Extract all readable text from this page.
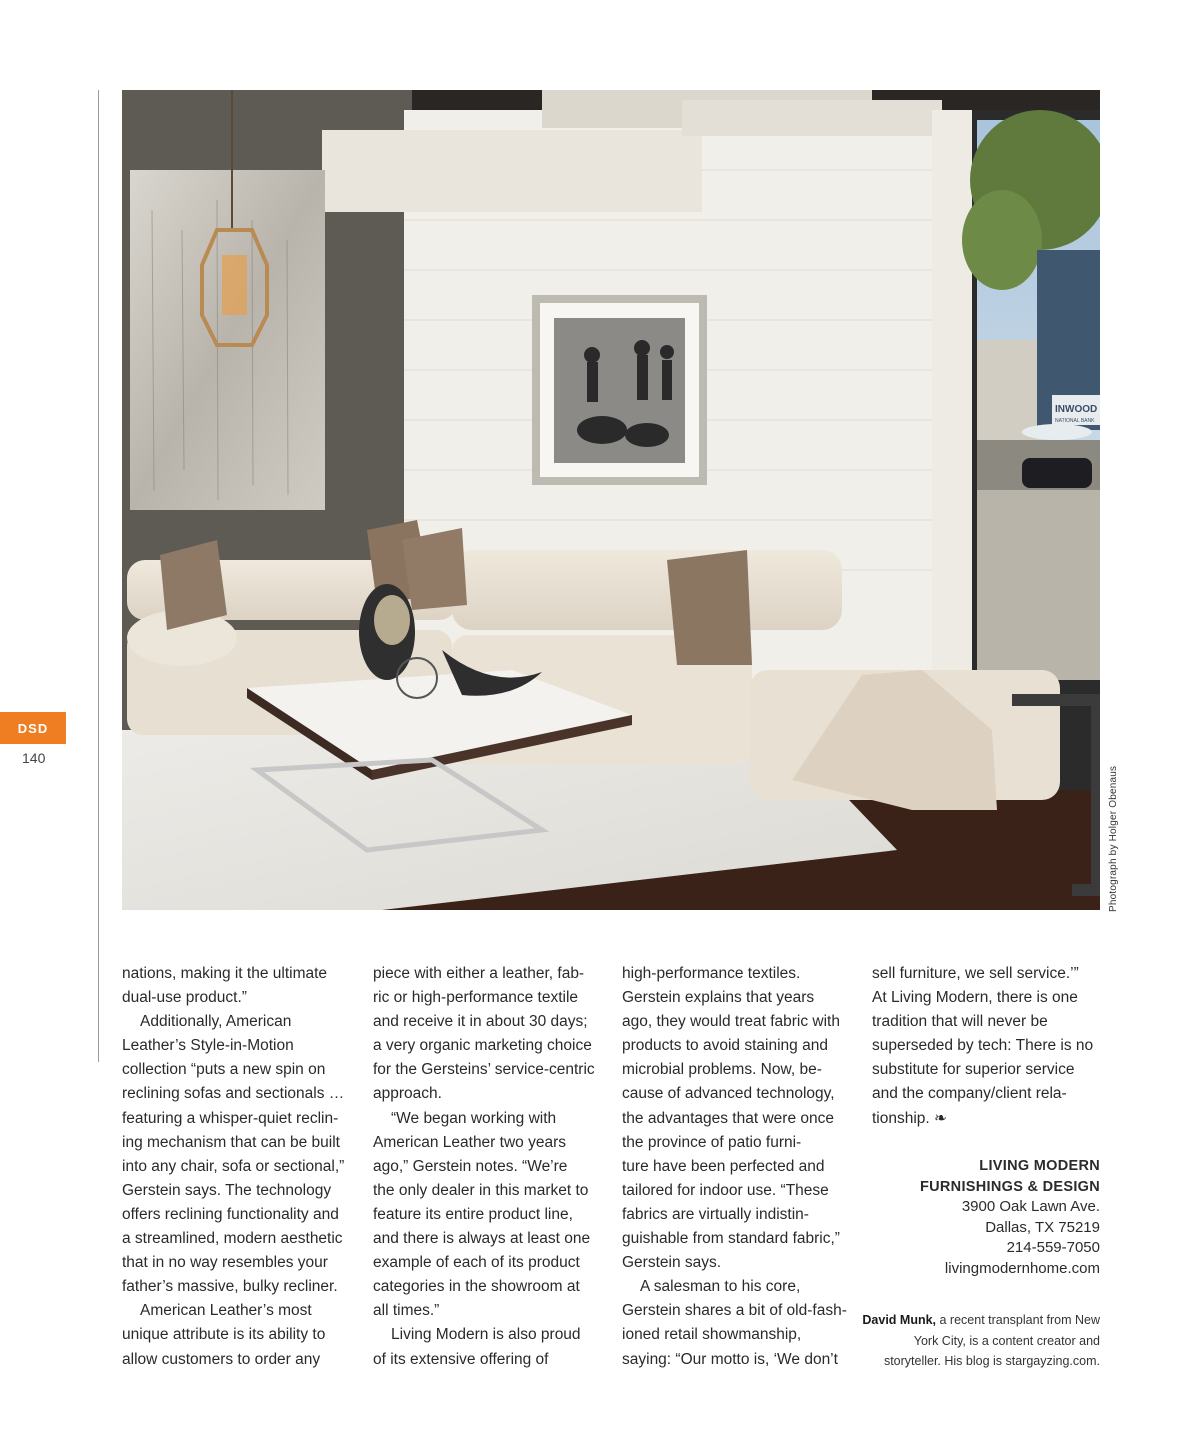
DSD
140
INWOOD
NATIONAL BANK
Photograph by Holger Obenaus

nations, making it the ultimate
dual-use product.”

Additionally, American
Leather’s Style-in-Motion
collection “puts a new spin on
reclining sofas and sectionals …
featuring a whisper-quiet reclin-
ing mechanism that can be built
into any chair, sofa or sectional,”
Gerstein says. The technology
offers reclining functionality and
a streamlined, modern aesthetic
that in no way resembles your
father’s massive, bulky recliner.

American Leather’s most
unique attribute is its ability to
allow customers to order any

piece with either a leather, fab-
ric or high-performance textile
and receive it in about 30 days;
a very organic marketing choice
for the Gersteins’ service-centric
approach.

“We began working with
American Leather two years
ago,” Gerstein notes. “We’re
the only dealer in this market to
feature its entire product line,
and there is always at least one
example of each of its product
categories in the showroom at
all times.”

Living Modern is also proud
of its extensive offering of

high-performance textiles.
Gerstein explains that years
ago, they would treat fabric with
products to avoid staining and
microbial problems. Now, be-
cause of advanced technology,
the advantages that were once
the province of patio furni-
ture have been perfected and
tailored for indoor use. “These
fabrics are virtually indistin-
guishable from standard fabric,”
Gerstein says.

A salesman to his core,
Gerstein shares a bit of old-fash-
ioned retail showmanship,
saying: “Our motto is, ‘We don’t

sell furniture, we sell service.’”
At Living Modern, there is one
tradition that will never be
superseded by tech: There is no
substitute for superior service
and the company/client rela-
tionship. ❧

LIVING MODERN
FURNISHINGS & DESIGN
3900 Oak Lawn Ave.
Dallas, TX 75219
214-559-7050
livingmodernhome.com
David Munk, a recent transplant from New York City, is a content creator and storyteller. His blog is stargayzing.com.
